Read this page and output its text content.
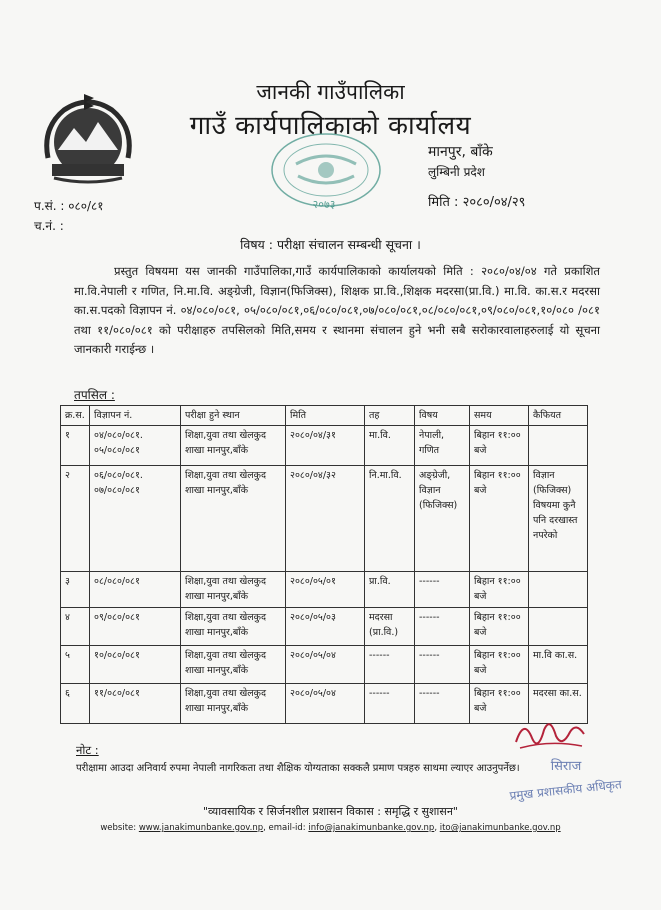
जानकी गाउँपालिका
गाउँ कार्यपालिकाको कार्यालय
२०७३
मानपुर, बाँके
लुम्बिनी प्रदेश
प.सं. : ०८०/८१
च.नं. :
मिति : २०८०/०४/२९
विषय : परीक्षा संचालन सम्बन्धी सूचना ।
प्रस्तुत विषयमा यस जानकी गाउँपालिका,गाउँ कार्यपालिकाको कार्यालयको मिति : २०८०/०४/०४ गते प्रकाशित मा.वि.नेपाली र गणित, नि.मा.वि. अङ्ग्रेजी, विज्ञान(फिजिक्स), शिक्षक प्रा.वि.,शिक्षक मदरसा(प्रा.वि.) मा.वि. का.स.र मदरसा का.स.पदको विज्ञापन नं. ०४/०८०/०८१, ०५/०८०/०८१,०६/०८०/०८१,०७/०८०/०८१,०८/०८०/०८१,०९/०८०/०८१,१०/०८० /०८१ तथा ११/०८०/०८१ को परीक्षाहरु तपसिलको मिति,समय र स्थानमा संचालन हुने भनी सबै सरोकारवालाहरुलाई यो सूचना जानकारी गराईन्छ ।
तपसिल :
क्र.स.	विज्ञापन नं.	परीक्षा हुने स्थान	मिति	तह	विषय	समय	कैफियत
१	०४/०८०/०८१. ०५/०८०/०८१	शिक्षा,युवा तथा खेलकुद शाखा मानपुर,बाँके	२०८०/०४/३१	मा.वि.	नेपाली, गणित	बिहान ११:०० बजे	
२	०६/०८०/०८१. ०७/०८०/०८१	शिक्षा,युवा तथा खेलकुद शाखा मानपुर,बाँके	२०८०/०४/३२	नि.मा.वि.	अङ्ग्रेजी, विज्ञान (फिजिक्स)	बिहान ११:०० बजे	विज्ञान (फिजिक्स) विषयमा कुनै पनि दरखास्त नपरेको
३	०८/०८०/०८१	शिक्षा,युवा तथा खेलकुद शाखा मानपुर,बाँके	२०८०/०५/०१	प्रा.वि.	------	बिहान ११:०० बजे	
४	०९/०८०/०८१	शिक्षा,युवा तथा खेलकुद शाखा मानपुर,बाँके	२०८०/०५/०३	मदरसा (प्रा.वि.)	------	बिहान ११:०० बजे	
५	१०/०८०/०८१	शिक्षा,युवा तथा खेलकुद शाखा मानपुर,बाँके	२०८०/०५/०४	------	------	बिहान ११:०० बजे	मा.वि का.स.
६	११/०८०/०८१	शिक्षा,युवा तथा खेलकुद शाखा मानपुर,बाँके	२०८०/०५/०४	------	------	बिहान ११:०० बजे	मदरसा का.स.
नोट :
परीक्षामा आउदा अनिवार्य रुपमा नेपाली नागरिकता तथा शैक्षिक योग्यताका सक्कलै प्रमाण पत्रहरु साथमा ल्याएर आउनुपर्नेछ।	सिराज
प्रमुख प्रशासकीय अधिकृत
"व्यावसायिक र सिर्जनशील प्रशासन विकास : समृद्धि र सुशासन"
website: www.janakimunbanke.gov.np, email-id: info@janakimunbanke.gov.np, ito@janakimunbanke.gov.np
